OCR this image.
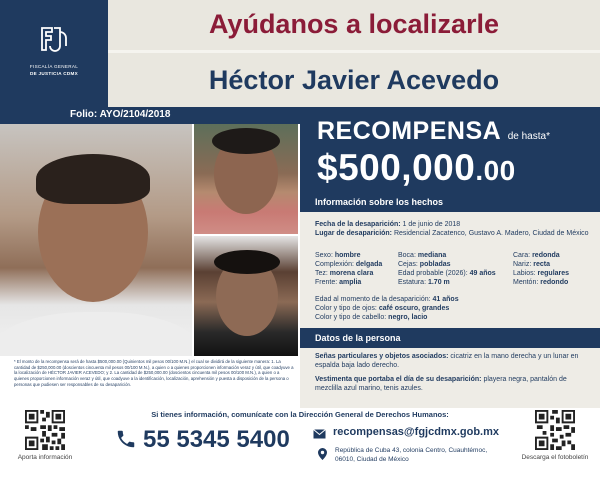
FISCALÍA GENERAL
DE JUSTICIA CDMX
Ayúdanos a localizarle
Héctor Javier Acevedo
Folio: AYO/2104/2018
RECOMPENSA de hasta*
$500,000.00
Información sobre los hechos
Fecha de la desaparición: 1 de junio de 2018
Lugar de desaparición: Residencial Zacatenco, Gustavo A. Madero, Ciudad de México
Sexo: hombre
Complexión: delgada
Tez: morena clara
Frente: amplia
Boca: mediana
Cejas: pobladas
Edad probable (2026): 49 años
Estatura: 1.70 m
Cara: redonda
Nariz: recta
Labios: regulares
Mentón: redondo
Edad al momento de la desaparición: 41 años
Color y tipo de ojos: café oscuro, grandes
Color y tipo de cabello: negro, lacio
Datos de la persona

Señas particulares y objetos asociados: cicatriz en la mano derecha y un lunar en espalda baja lado derecho.

Vestimenta que portaba el día de su desaparición: playera negra, pantalón de mezclilla azul marino, tenis azules.

* El monto de la recompensa será de hasta $500,000.00 (Quinientos mil pesos 00/100 M.N.) el cual se dividirá de la siguiente manera: 1. La cantidad de $250,000.00 (doscientos cincuenta mil pesos 00/100 M.N.), a quien o a quienes proporcionen información veraz y útil, que coadyuve a la localización de HÉCTOR JAVIER ACEVEDO; y 2. La cantidad de $250,000.00 (doscientos cincuenta mil pesos 00/100 M.N.), a quien o a quienes proporcionen información veraz y útil, que coadyuve a la identificación, localización, aprehensión y puesta a disposición de la persona o personas que pudiesen ser responsables de su desaparición.
Si tienes información, comunícate con la Dirección General de Derechos Humanos:
Aporta información
55 5345 5400	recompensas@fgjcdmx.gob.mx
República de Cuba 43, colonia Centro, Cuauhtémoc,
06010, Ciudad de México	Descarga el fotoboletín
